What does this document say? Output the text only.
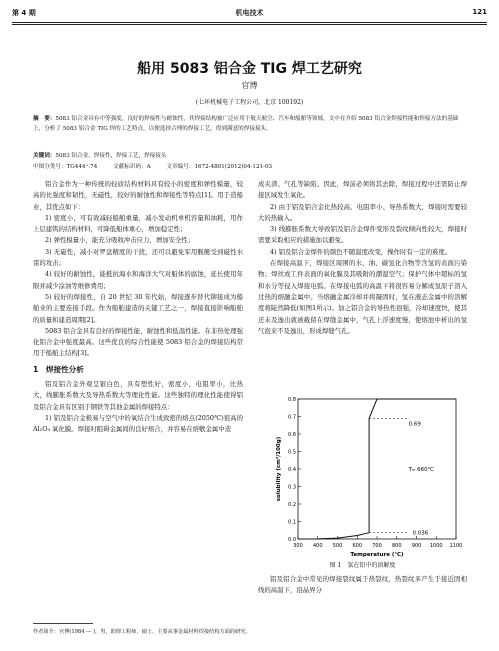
第 4 期	机电技术	121
船用 5083 铝合金 TIG 焊工艺研究
官博
(七环机械电子工程公司，北京 100192)
摘　要：5083 铝合金具有中等强度，良好的焊接性与耐蚀性，其焊接结构被广泛应用于航天航空、汽车和船舶等领域。文中在介绍 5083 铝合金焊接性能和焊接方法的基础上，分析了 5083 铝合金 TIG 焊的工艺特点，以便选择合理的焊接工艺，得到满意的焊接接头。
关键词：5083 铝合金，焊接性，焊接工艺，焊接接头
中图分类号：TG444⁺.74	文献标识码：A	文章编号：1672-4801(2012)04-121-03

铝合金作为一种传统的轻质结构材料具有较小的密度和弹性模量，较高的比强度和韧性，无磁性，较好的耐蚀性和焊接性等特点[1]。用于造船业，其优点如下：

1) 密度小，可有效减轻船舶重量，减小发动机单机容量和油耗，用作上层建筑的结构材料，可降低船体重心，增加稳定性；

2) 弹性模量小，能充分吸收冲击应力，增加安全性；

3) 无磁性，减小对罗盘精度的干扰，还可以避免军用舰艇受到磁性水雷的攻击；

4) 较好的耐蚀性，能抵抗海水和海洋大气对船体的腐蚀，延长使用年限并减少涂油等维修费用；

5) 较好的焊接性，自 20 世纪 30 年代始，焊接逐步替代铆接成为船舶业的主要连接手段。作为船舶建造的关键工艺之一，焊接直接影响船舶的质量和建造周期[2]。

5083 铝合金具有良好的焊接性能，耐蚀性和低温性能。在非热处理强化铝合金中强度最高。这些优良的综合性能使 5083 铝合金的焊接结构常用于船舶主结构[3]。

1　焊接性分析

铝及铝合金外观呈银白色，具有塑性好，密度小，电阻率小，比热大，线膨胀系数大及导热系数大等理化性能。这些独特的理化性能使得铝及铝合金具有区别于钢铁等其他金属的焊接特点：

1) 铝及铝合金极易与空气中的氧结合生成致密的熔点(2050℃)很高的 Al₂O₃ 氧化膜。焊接时阻碍金属间的良好熔合，并容易在熔敷金属中造

成夹渣、气孔等缺陷。因此，焊前必须将其去除，焊接过程中还需防止焊接区域发生氧化。

2) 由于铝及铝合金比热较高、电阻率小、导热系数大，焊接时需要较大的热输入。

3) 线膨胀系数大导致铝及铝合金焊件变形及裂纹倾向性较大，焊接时需要采取相应的措施加以避免。

4) 铝及铝合金焊件的颜色不随温度改变，操作时有一定的难度。

在焊接高温下，焊接区周围的水、油、碳氢化合物等含氢的表面污染物；焊丝或工件表面的氧化膜及其吸附的潮湿空气；保护气体中超标的氢和水分等侵入焊接电弧。在焊接电弧的高温下将很容易分解成氢原子溶入过热的熔融金属中。当熔融金属冷却并将凝固时，氢在液态金属中的溶解度将陡然降低(如图1所示)。加之铝合金的导热性很强，冷却速度快，使其还未及逸出就被截留在焊缝金属中，气孔上浮速度慢，使熔池中析出的氢气泡来不及逸出，形成焊缝气孔。

300 400 500 600 700 800 900 1000 1100
0.0
0.1
0.2
0.3
0.4
0.5
0.6
0.7
0.8
Temperature (℃)
solubility (cm³/100g)
0.69
Tₘ 660℃
0.036
图 1　氢在铝中的溶解度

铝及铝合金中常见的焊接裂纹属于热裂纹，热裂纹多产生于接近固相线的高温下，沿晶界分

作者简介：官博(1984 — )，男，助理工程师，硕士，主要从事金属材料焊接结构方面的研究。
